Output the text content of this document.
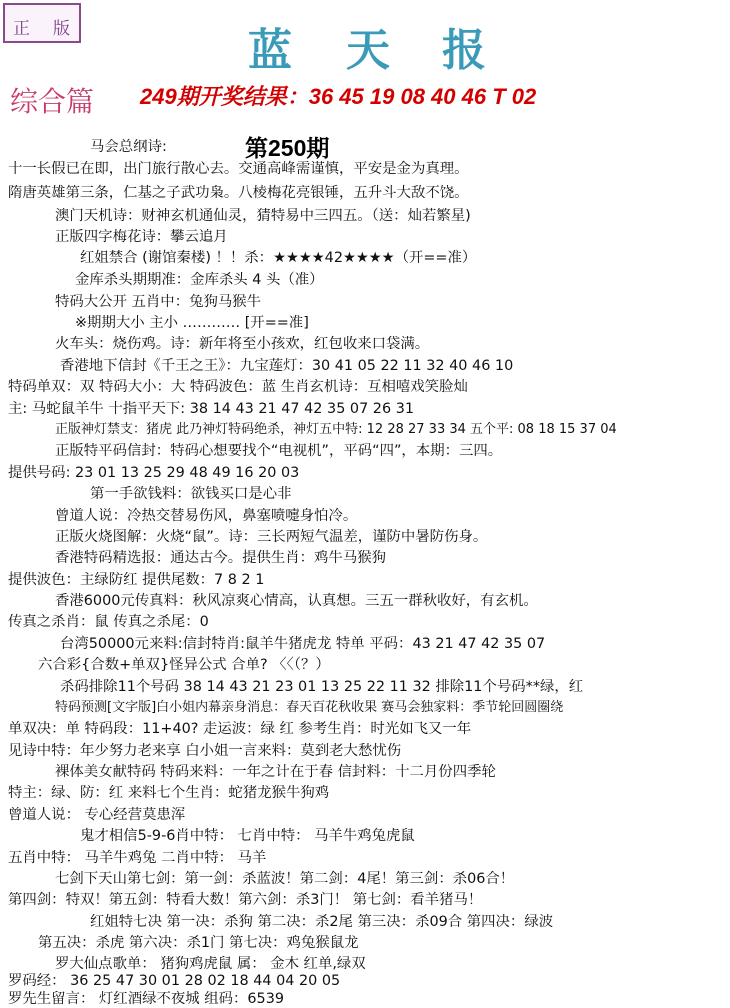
正 版	蓝 天 报
综合篇 249期开奖结果：36 45 19 08 40 46 T 02
第250期
马会总纲诗:
十一长假已在即，出门旅行散心去。交通高峰需谨慎，平安是金为真理。
隋唐英雄第三条，仁基之子武功枭。八棱梅花亮银锤，五升斗大敌不饶。
澳门天机诗：财神玄机通仙灵，猜特易中三四五。（送：灿若繁星)
正版四字梅花诗：攀云追月
红姐禁合 (谢馆秦楼) ！！杀：★★★★42★★★★（开==准）
金库杀头期期准：金库杀头 4 头（准）
特码大公开 五肖中：兔狗马猴牛
※期期大小 主小 ………… [开==准]
火车头：烧伤鸡。诗：新年将至小孩欢，红包收来口袋满。
香港地下信封《千王之王》：九宝莲灯：30 41 05 22 11 32 40 46 10
特码单双：双 特码大小：大 特码波色：蓝 生肖玄机诗：互相嘻戏笑脸灿
主: 马蛇鼠羊牛 十指平天下: 38 14 43 21 47 42 35 07 26 31
正版神灯禁支：猪虎 此乃神灯特码绝杀，神灯五中特: 12 28 27 33 34 五个平: 08 18 15 37 04
正版特平码信封：特码心想要找个“电视机”，平码“四”，本期：三四。
提供号码: 23 01 13 25 29 48 49 16 20 03
第一手欲钱料：欲钱买口是心非
曾道人说：冷热交替易伤风，鼻塞喷嚏身怕冷。
正版火烧图解：火烧“鼠”。诗：三长两短气温差，谨防中暑防伤身。
香港特码精选报：通达古今。提供生肖：鸡牛马猴狗
提供波色：主绿防红 提供尾数：7 8 2 1
香港6000元传真料：秋风凉爽心情高，认真想。三五一群秋收好，有玄机。
传真之杀肖：鼠 传真之杀尾：0
台湾50000元来料:信封特肖:鼠羊牛猪虎龙 特单 平码：43 21 47 42 35 07
六合彩{合数+单双}怪异公式 合单? 〈〈（？）
杀码排除11个号码 38 14 43 21 23 01 13 25 22 11 32 排除11个号码**绿，红
特码预测[文字版]白小姐内幕亲身消息：春天百花秋收果 赛马会独家料：季节轮回圆圈绕
单双决：单 特码段：11+40? 走运波：绿 红 参考生肖：时光如飞又一年
见诗中特：年少努力老来享 白小姐一言来料：莫到老大愁忧伤
裸体美女献特码 特码来料：一年之计在于春 信封料：十二月份四季轮
特主：绿、防：红 来料七个生肖：蛇猪龙猴牛狗鸡
曾道人说： 专心经营莫患浑
鬼才相信5-9-6肖中特： 七肖中特： 马羊牛鸡兔虎鼠
五肖中特： 马羊牛鸡兔 二肖中特： 马羊
七剑下天山第七剑：第一剑：杀蓝波！第二剑：4尾！第三剑：杀06合！
第四剑：特双！第五剑：特看大数！第六剑：杀3门！ 第七剑：看羊猪马！
红姐特七决 第一决：杀狗 第二决：杀2尾 第三决：杀09合 第四决：绿波
第五决：杀虎 第六决：杀1门 第七决：鸡兔猴鼠龙
罗大仙点歌单： 猪狗鸡虎鼠 属： 金木 红单,绿双
罗码经： 36 25 47 30 01 28 02 18 44 04 20 05
罗先生留言： 灯红酒绿不夜城 组码：6539
